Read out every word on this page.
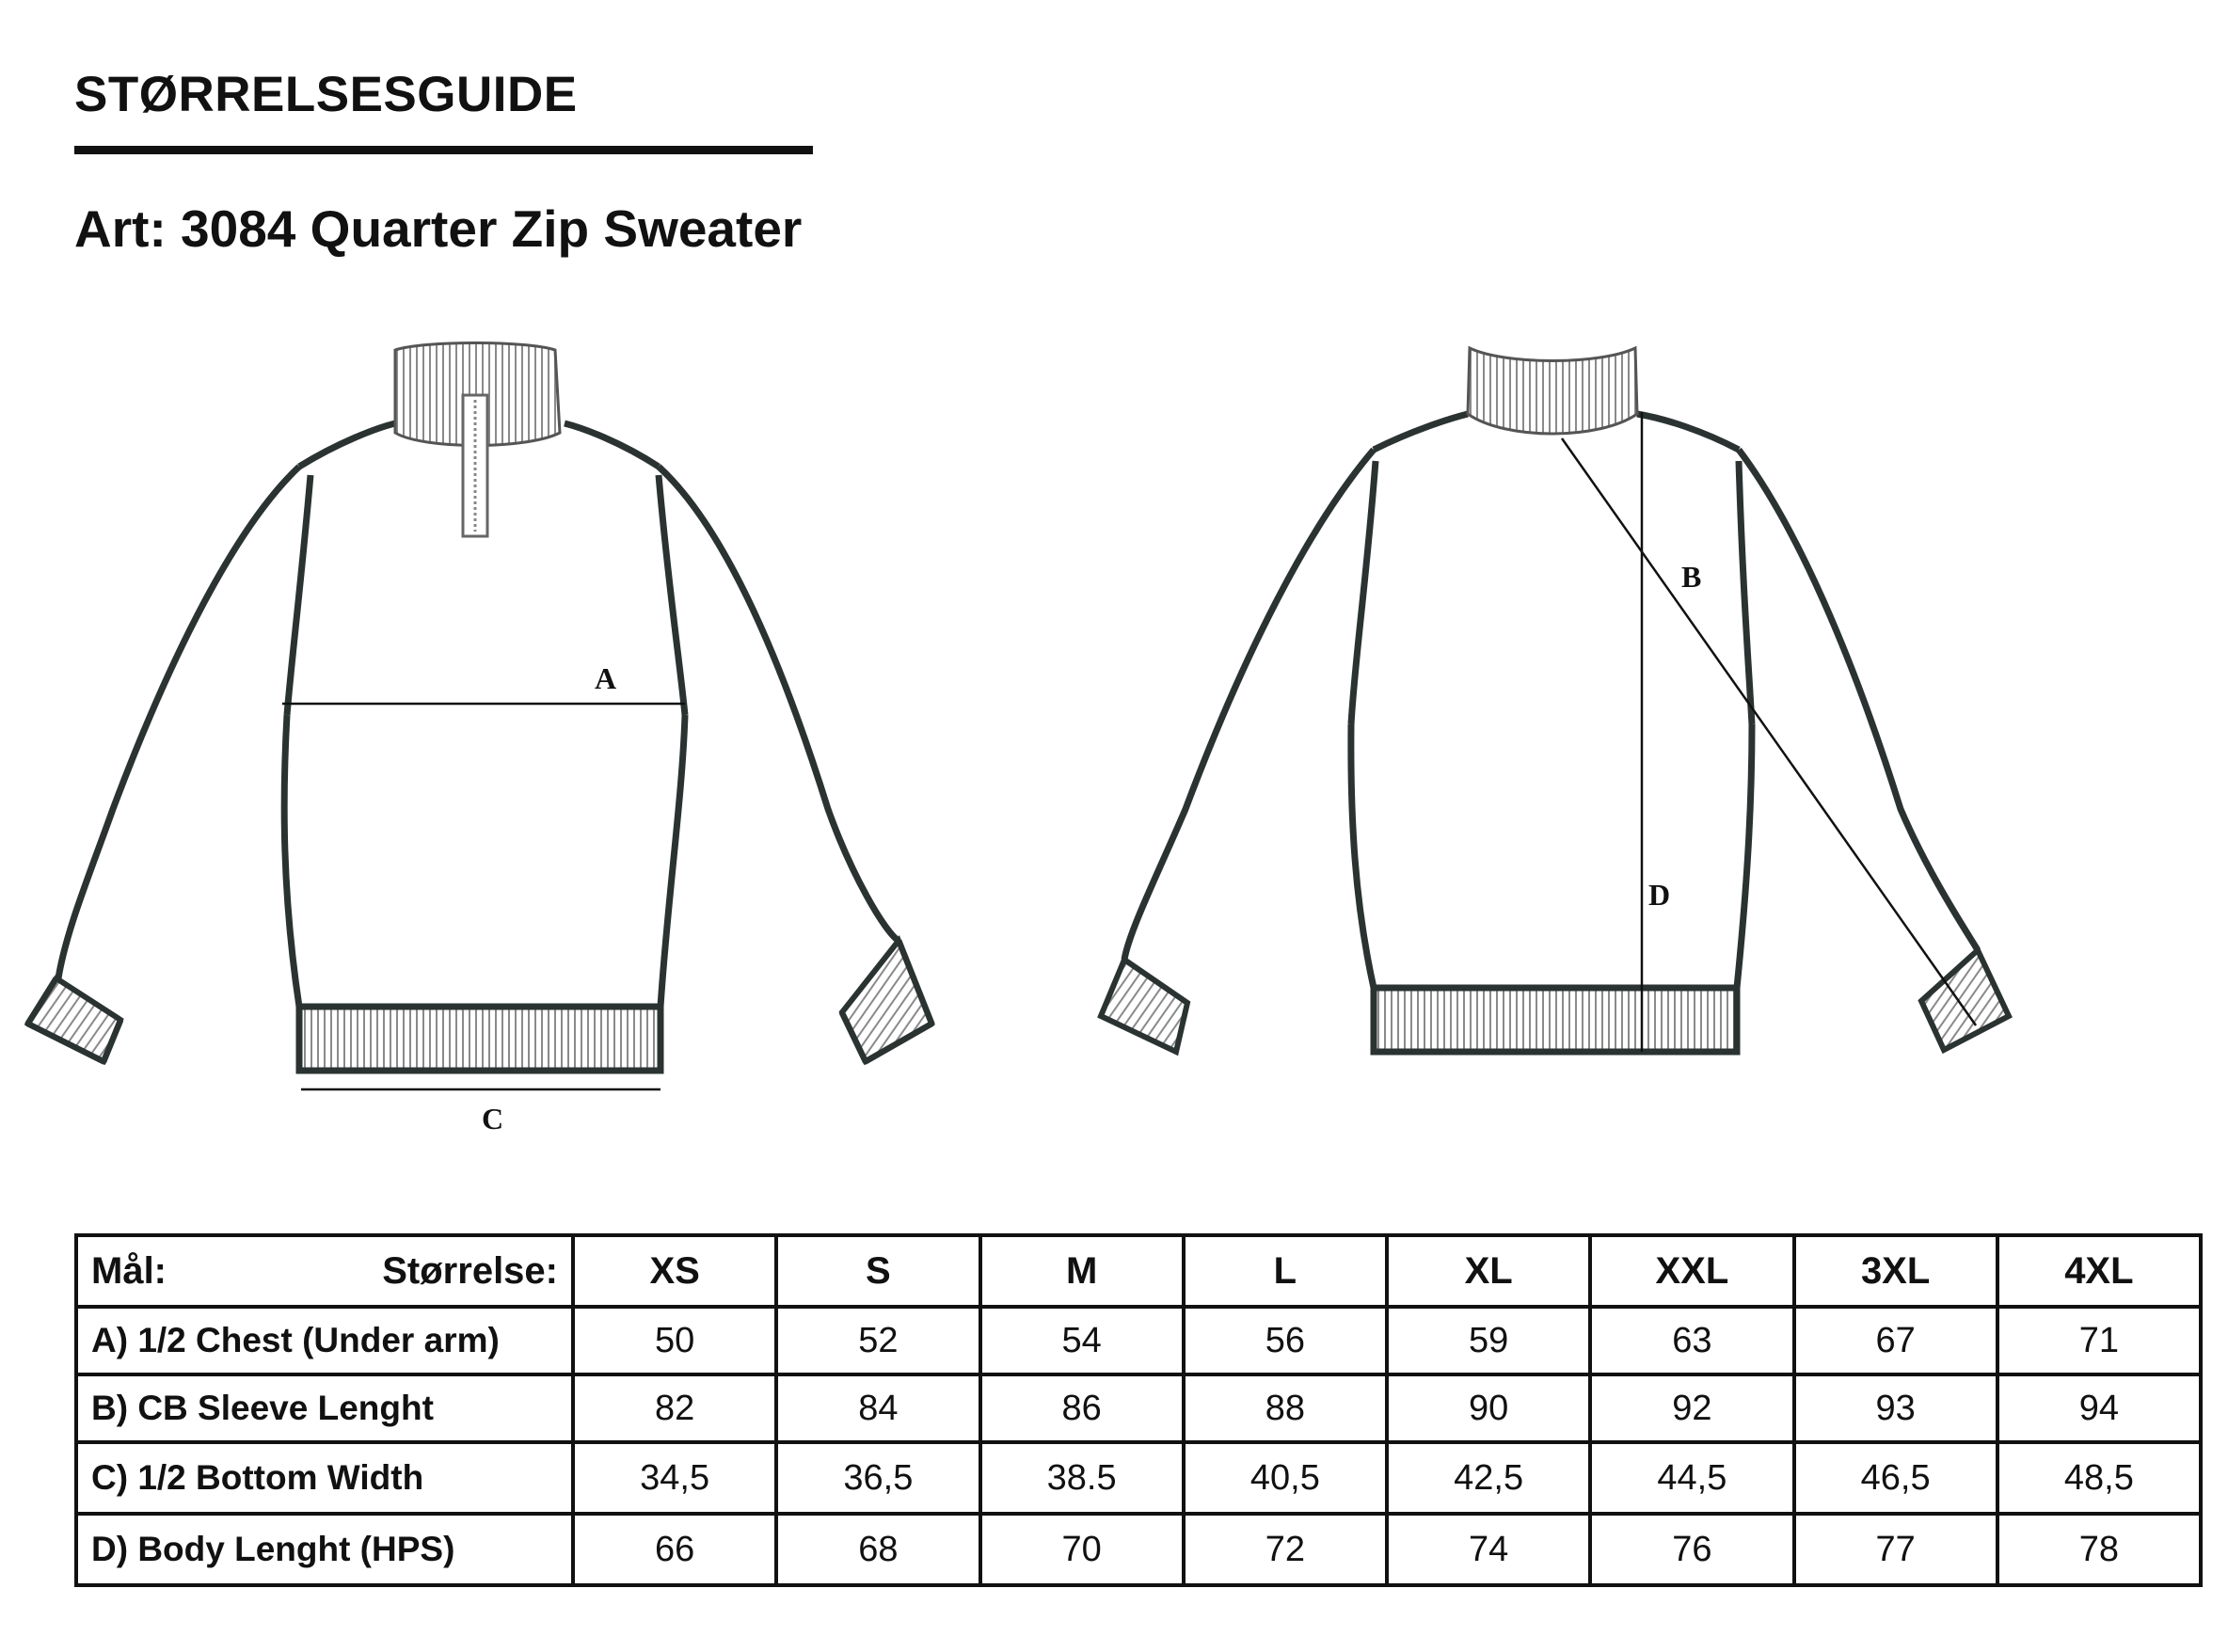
STØRRELSESGUIDE
Art: 3084 Quarter Zip Sweater
A
C
D
B
Mål: Størrelse:	XS	S	M	L	XL	XXL	3XL	4XL
A) 1/2 Chest (Under arm)	50	52	54	56	59	63	67	71
B) CB Sleeve Lenght	82	84	86	88	90	92	93	94
C) 1/2 Bottom Width	34,5	36,5	38.5	40,5	42,5	44,5	46,5	48,5
D) Body Lenght (HPS)	66	68	70	72	74	76	77	78
